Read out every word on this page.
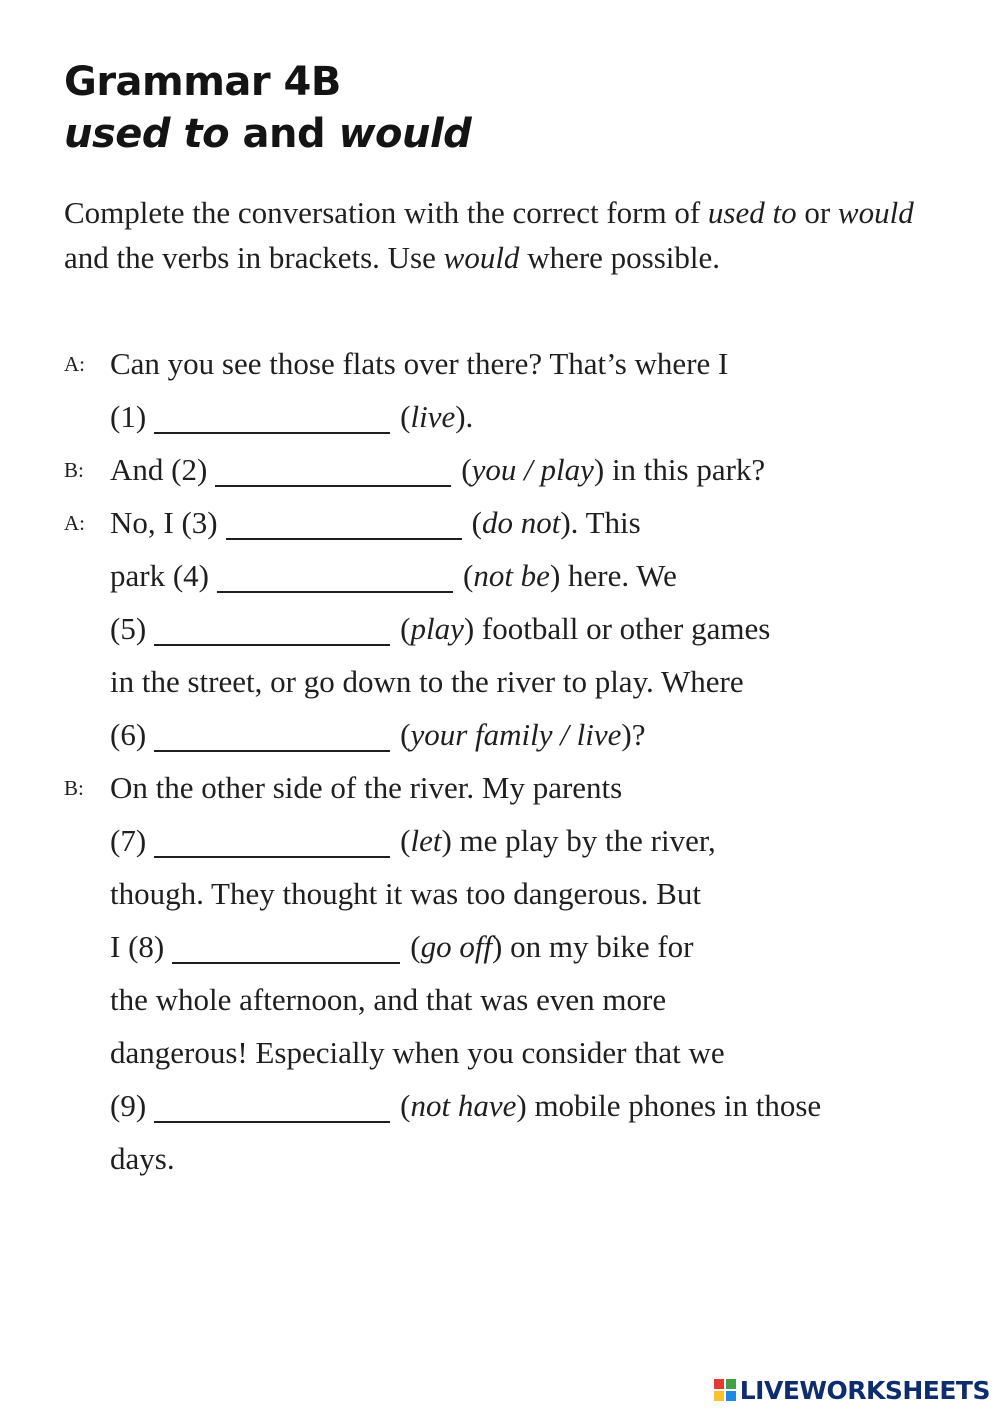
Grammar 4B
used to and would
Complete the conversation with the correct form of used to or would and the verbs in brackets. Use would where possible.
A:
B:
A:
B:
Can you see those flats over there? That’s where I
(1)	(live).
And (2)	(you / play) in this park?
No, I (3)	(do not). This
park (4)	(not be) here. We
(5)	(play) football or other games
in the street, or go down to the river to play. Where
(6)	(your family / live)?
On the other side of the river. My parents
(7)	(let) me play by the river,
though. They thought it was too dangerous. But
I (8)	(go off) on my bike for
the whole afternoon, and that was even more
dangerous! Especially when you consider that we
(9)	(not have) mobile phones in those
days.
LIVEWORKSHEETS
